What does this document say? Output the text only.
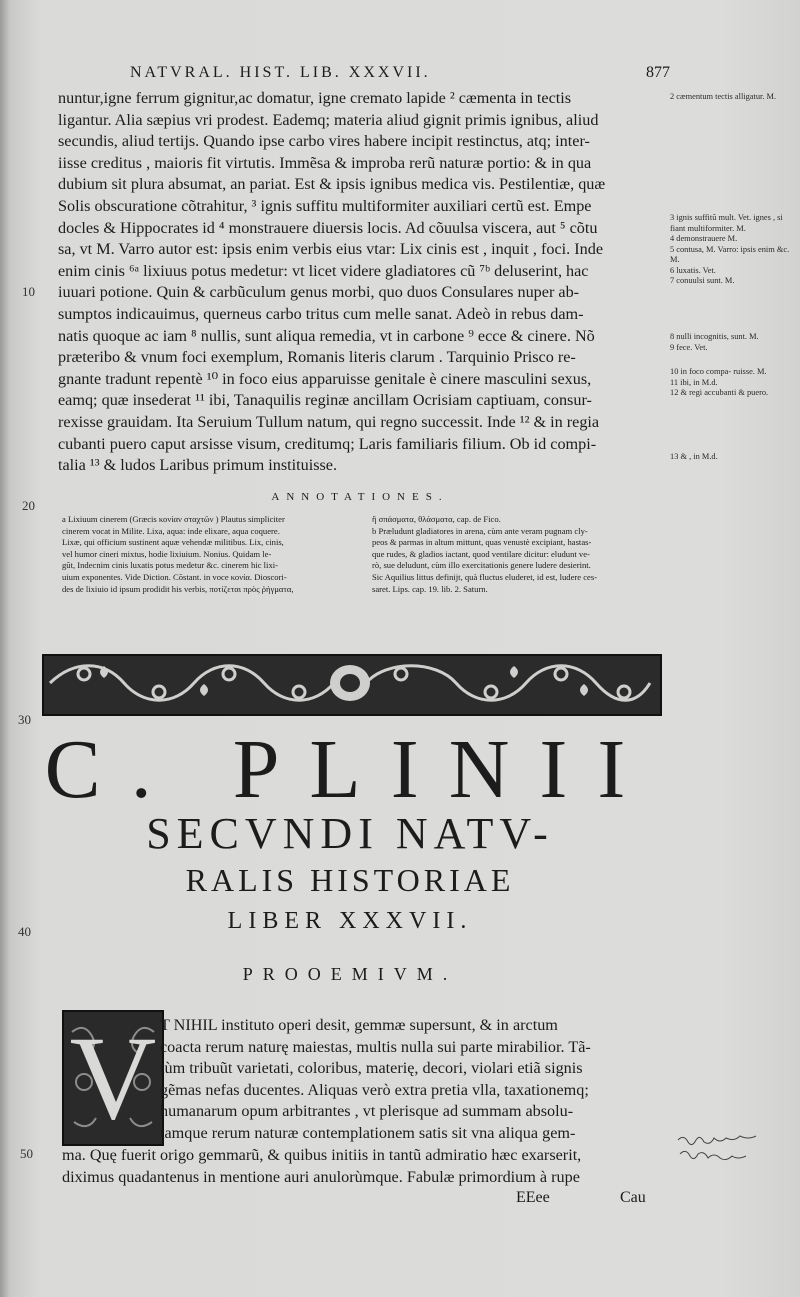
NATVRAL. HIST. LIB. XXXVII.	877

nuntur,igne ferrum gignitur,ac domatur, igne cremato lapide ² cæmenta in tectis

ligantur. Alia sæpius vri prodest. Eademq; materia aliud gignit primis ignibus, aliud

secundis, aliud tertijs. Quando ipse carbo vires habere incipit restinctus, atq; inter-

iisse creditus , maioris fit virtutis. Immẽsa & improba rerũ naturæ portio: & in qua

dubium sit plura absumat, an pariat. Est & ipsis ignibus medica vis. Pestilentiæ, quæ

Solis obscuratione cõtrahitur, ³ ignis suffitu multiformiter auxiliari certũ est. Empe

docles & Hippocrates id ⁴ monstrauere diuersis locis. Ad cõuulsa viscera, aut ⁵ cõtu

sa, vt M. Varro autor est: ipsis enim verbis eius vtar: Lix cinis est , inquit , foci. Inde

enim cinis ⁶ᵃ lixiuus potus medetur: vt licet videre gladiatores cũ ⁷ᵇ deluserint, hac

iuuari potione. Quin & carbũculum genus morbi, quo duos Consulares nuper ab-

sumptos indicauimus, querneus carbo tritus cum melle sanat. Adeò in rebus dam-

natis quoque ac iam ⁸ nullis, sunt aliqua remedia, vt in carbone ⁹ ecce & cinere. Nõ

præteribo & vnum foci exemplum, Romanis literis clarum . Tarquinio Prisco re-

gnante tradunt repentè ¹⁰ in foco eius apparuisse genitale è cinere masculini sexus,

eamq; quæ insederat ¹¹ ibi, Tanaquilis reginæ ancillam Ocrisiam captiuam, consur-

rexisse grauidam. Ita Seruium Tullum natum, qui regno successit. Inde ¹² & in regia

cubanti puero caput arsisse visum, creditumq; Laris familiaris filium. Ob id compi-

talia ¹³ & ludos Laribus primum instituisse.

10
20
30
40
50
2 cæmentum tectis alligatur. M.
3 ignis suffitũ mult. Vet. ignes , si fiant multiformiter. M.
4 demonstrauere M.
5 contusa, M. Varro: ipsis enim &c. M.
6 luxatis. Vet.
7 conuulsi sunt. M.
8 nulli incognitis, sunt. M.
9 fece. Vet.
10 in foco compa- ruisse. M.
11 ibi, in M.d.
12 & regi accubanti & puero.
13 & , in M.d.
ANNOTATIONES.
a Lixiuum cinerem (Græcis κονίαν σταχτῶν ) Plautus simpliciter
cinerem vocat in Milite. Lixa, aqua: inde elixare, aqua coquere.
Lixæ, qui officium sustinent aquæ vehendæ militibus. Lix, cinis,
vel humor cineri mixtus, hodie lixiuium. Nonius. Quidam le-
gũt, Indecnim cinis luxatis potus medetur &c. cinerem hic lixi-
uium exponentes. Vide Diction. Cõstant. in voce κονία. Dioscori-
des de lixiuio id ipsum prodidit his verbis, ποτίζεται πρὸς ῥήγματα,
ἢ σπάσματα, θλάσματα, cap. de Fico.
b Præludunt gladiatores in arena, cùm ante veram pugnam cly-
peos & parmas in altum mittunt, quas venustè excipiant, hastas-
que rudes, & gladios iactant, quod ventilare dicitur: eludunt ve-
rò, sue deludunt, cùm illo exercitationis genere ludere desierint.
Sic Aquilius littus definijt, quà fluctus eluderet, id est, ludere ces-
saret. Lips. cap. 19. lib. 2. Saturn.
C. PLINII
SECVNDI NATV-
RALIS HISTORIAE
LIBER XXXVII.
PROOEMIVM.
V T NIHIL instituto operi desit, gemmæ supersunt, & in arctum
coacta rerum naturę maiestas, multis nulla sui parte mirabilior. Tã-
tùm tribuũt varietati, coloribus, materię, decori, violari etiã signis
gẽmas nefas ducentes. Aliquas verò extra pretia vlla, taxationemq;
humanarum opum arbitrantes , vt plerisque ad summam absolu-
tamque rerum naturæ contemplationem satis sit vna aliqua gem-
ma. Quę fuerit origo gemmarũ, & quibus initiis in tantũ admiratio hæc exarserit,
diximus quadantenus in mentione auri anulorùmque. Fabulæ primordium à rupe
EEee	Cau
